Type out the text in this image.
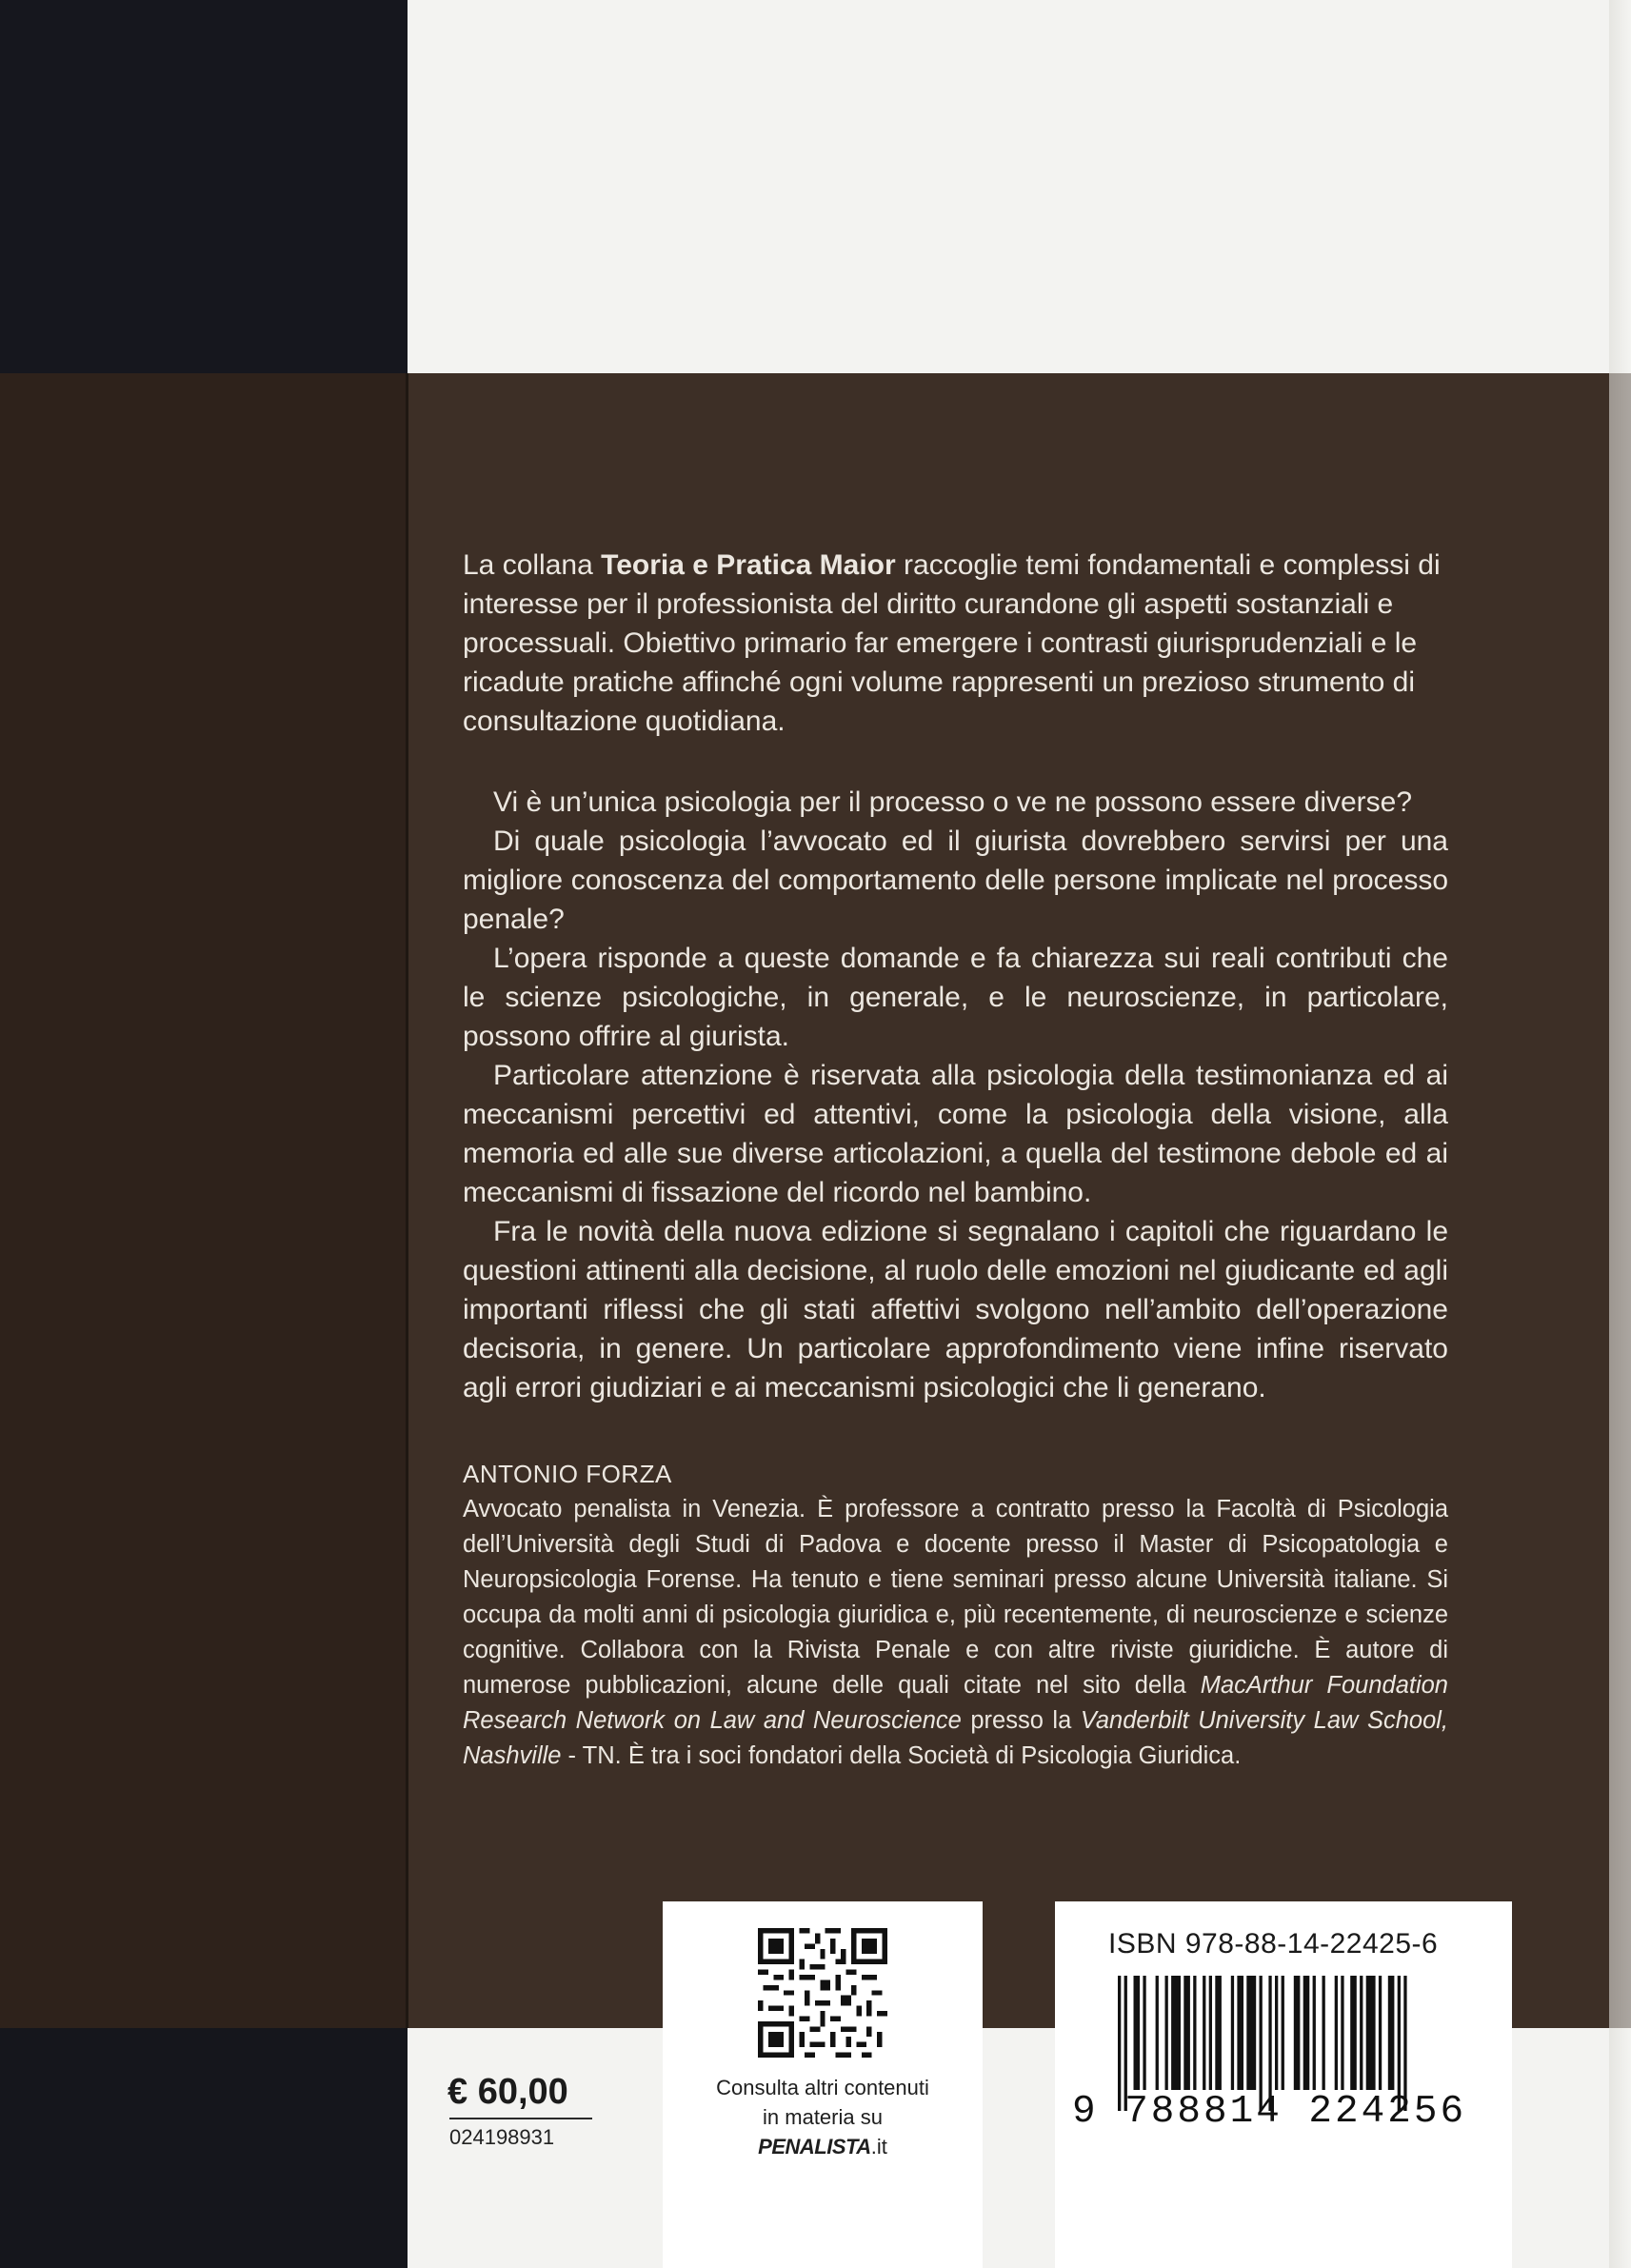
La collana Teoria e Pratica Maior raccoglie temi fondamentali e complessi di interesse per il professionista del diritto curandone gli aspetti sostanziali e processuali. Obiettivo primario far emergere i contrasti giurisprudenziali e le ricadute pratiche affinché ogni volume rappresenti un prezioso strumento di consultazione quotidiana.

Vi è un’unica psicologia per il processo o ve ne possono essere diverse?

Di quale psicologia l’avvocato ed il giurista dovrebbero servirsi per una migliore conoscenza del comportamento delle persone implicate nel processo penale?

L’opera risponde a queste domande e fa chiarezza sui reali contributi che le scienze psicologiche, in generale, e le neuroscienze, in particolare, possono offrire al giurista.

Particolare attenzione è riservata alla psicologia della testimonianza ed ai meccanismi percettivi ed attentivi, come la psicologia della visione, alla memoria ed alle sue diverse articolazioni, a quella del testimone debole ed ai meccanismi di fissazione del ricordo nel bambino.

Fra le novità della nuova edizione si segnalano i capitoli che riguardano le questioni attinenti alla decisione, al ruolo delle emozioni nel giudicante ed agli importanti riflessi che gli stati affettivi svolgono nell’ambito dell’operazione decisoria, in genere. Un particolare approfondimento viene infine riservato agli errori giudiziari e ai meccanismi psicologici che li generano.

ANTONIO FORZA

Avvocato penalista in Venezia. È professore a contratto presso la Facoltà di Psicologia dell’Università degli Studi di Padova e docente presso il Master di Psicopatologia e Neuropsicologia Forense. Ha tenuto e tiene seminari presso alcune Università italiane. Si occupa da molti anni di psicologia giuridica e, più recentemente, di neuroscienze e scienze cognitive. Collabora con la Rivista Penale e con altre riviste giuridiche. È autore di numerose pubblicazioni, alcune delle quali citate nel sito della MacArthur Foundation Research Network on Law and Neuroscience presso la Vanderbilt University Law School, Nashville - TN. È tra i soci fondatori della Società di Psicologia Giuridica.

€ 60,00
024198931
Consulta altri contenuti
in materia su
PENALISTA.it
ISBN 978-88-14-22425-6
9 788814 224256
